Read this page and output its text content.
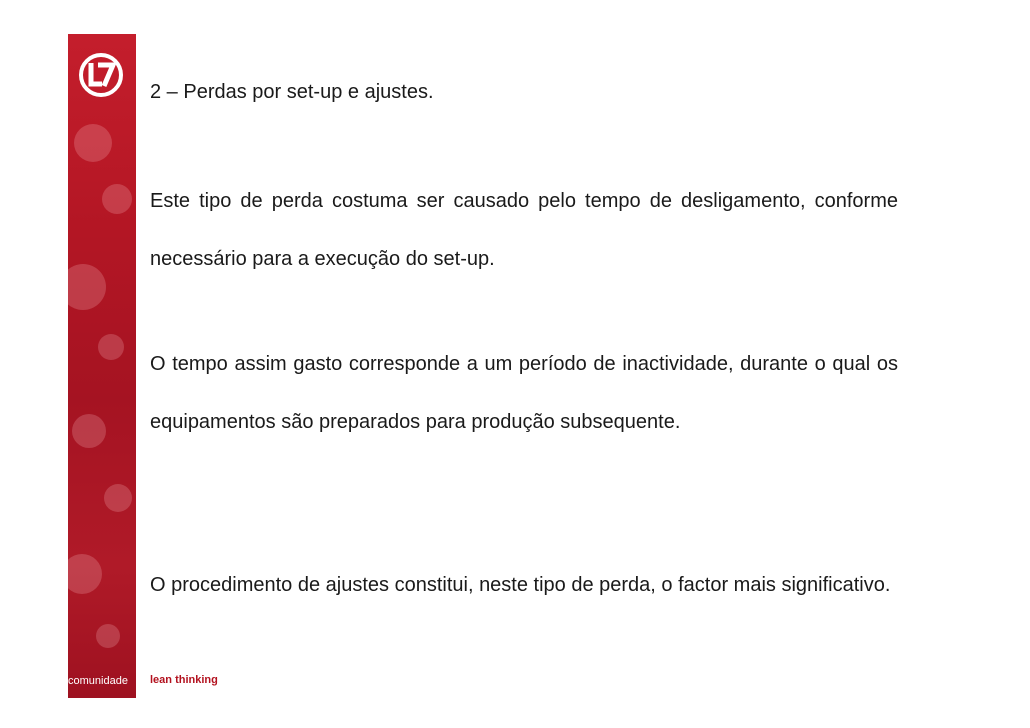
comunidade	lean thinking
2 – Perdas por set-up e ajustes.
Este tipo de perda costuma ser causado pelo tempo de desligamento, conforme necessário para a execução do set-up.
O tempo assim gasto corresponde a um período de inactividade, durante o qual os equipamentos são preparados para produção subsequente.
O procedimento de ajustes constitui, neste tipo de perda, o factor mais significativo.
